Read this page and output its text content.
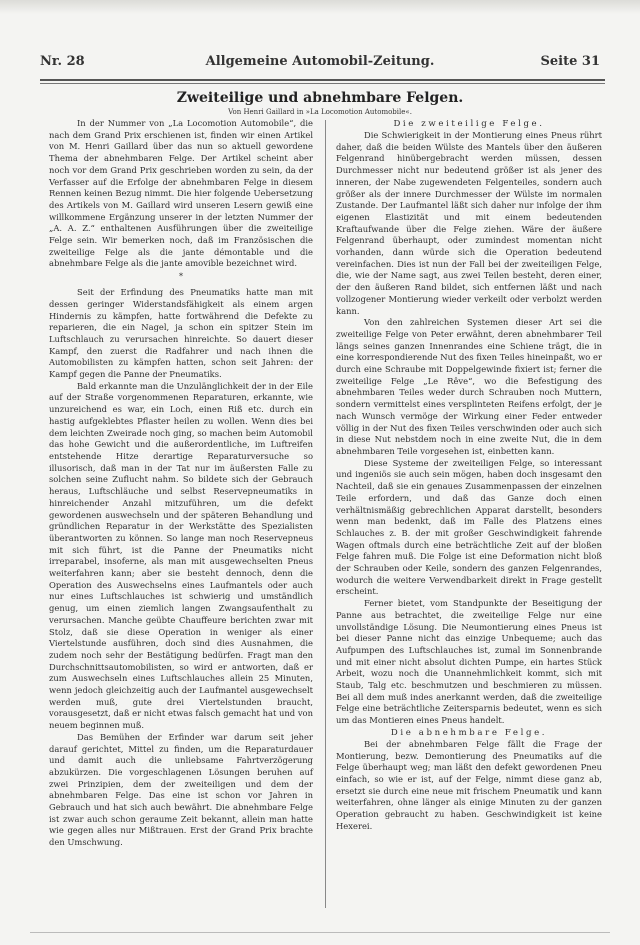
Nr. 28	Allgemeine Automobil-Zeitung.	Seite 31
Zweiteilige und abnehmbare Felgen.
Von Henri Gaillard in »La Locomotion Automobile«.

In der Nummer von „La Locomotion Automobile“, die nach dem Grand Prix erschienen ist, finden wir einen Artikel von M. Henri Gaillard über das nun so aktuell gewordene Thema der abnehmbaren Felge. Der Artikel scheint aber noch vor dem Grand Prix geschrieben worden zu sein, da der Verfasser auf die Erfolge der abnehmbaren Felge in diesem Rennen keinen Bezug nimmt. Die hier folgende Uebersetzung des Artikels von M. Gaillard wird unseren Lesern gewiß eine willkommene Ergänzung unserer in der letzten Nummer der „A. A. Z.“ enthaltenen Ausführungen über die zweiteilige Felge sein. Wir bemerken noch, daß im Französischen die zweiteilige Felge als die jante démontable und die abnehmbare Felge als die jante amovible bezeichnet wird.

*

Seit der Erfindung des Pneumatiks hatte man mit dessen geringer Widerstandsfähigkeit als einem argen Hindernis zu kämpfen, hatte fortwährend die Defekte zu reparieren, die ein Nagel, ja schon ein spitzer Stein im Luftschlauch zu verursachen hinreichte. So dauert dieser Kampf, den zuerst die Radfahrer und nach ihnen die Automobilisten zu kämpfen hatten, schon seit Jahren: der Kampf gegen die Panne der Pneumatiks.

Bald erkannte man die Unzulänglichkeit der in der Eile auf der Straße vorgenommenen Reparaturen, erkannte, wie unzureichend es war, ein Loch, einen Riß etc. durch ein hastig aufgeklebtes Pflaster heilen zu wollen. Wenn dies bei dem leichten Zweirade noch ging, so machen beim Automobil das hohe Gewicht und die außerordentliche, im Luftreifen entstehende Hitze derartige Reparaturversuche so illusorisch, daß man in der Tat nur im äußersten Falle zu solchen seine Zuflucht nahm. So bildete sich der Gebrauch heraus, Luftschläuche und selbst Reservepneumatiks in hinreichender Anzahl mitzuführen, um die defekt gewordenen auswechseln und der späteren Behandlung und gründlichen Reparatur in der Werkstätte des Spezialisten überantworten zu können. So lange man noch Reservepneus mit sich führt, ist die Panne der Pneumatiks nicht irreparabel, insoferne, als man mit ausgewechselten Pneus weiterfahren kann; aber sie besteht dennoch, denn die Operation des Auswechselns eines Laufmantels oder auch nur eines Luftschlauches ist schwierig und umständlich genug, um einen ziemlich langen Zwangsaufenthalt zu verursachen. Manche geübte Chauffeure berichten zwar mit Stolz, daß sie diese Operation in weniger als einer Viertelstunde ausführen, doch sind dies Ausnahmen, die zudem noch sehr der Bestätigung bedürfen. Fragt man den Durchschnittsautomobilisten, so wird er antworten, daß er zum Auswechseln eines Luftschlauches allein 25 Minuten, wenn jedoch gleichzeitig auch der Laufmantel ausgewechselt werden muß, gute drei Viertelstunden braucht, vorausgesetzt, daß er nicht etwas falsch gemacht hat und von neuem beginnen muß.

Das Bemühen der Erfinder war darum seit jeher darauf gerichtet, Mittel zu finden, um die Reparaturdauer und damit auch die unliebsame Fahrtverzögerung abzukürzen. Die vorgeschlagenen Lösungen beruhen auf zwei Prinzipien, dem der zweiteiligen und dem der abnehmbaren Felge. Das eine ist schon vor Jahren in Gebrauch und hat sich auch bewährt. Die abnehmbare Felge ist zwar auch schon geraume Zeit bekannt, allein man hatte wie gegen alles nur Mißtrauen. Erst der Grand Prix brachte den Umschwung.

Die zweiteilige Felge.

Die Schwierigkeit in der Montierung eines Pneus rührt daher, daß die beiden Wülste des Mantels über den äußeren Felgenrand hinübergebracht werden müssen, dessen Durchmesser nicht nur bedeutend größer ist als jener des inneren, der Nabe zugewendeten Felgenteiles, sondern auch größer als der innere Durchmesser der Wülste im normalen Zustande. Der Laufmantel läßt sich daher nur infolge der ihm eigenen Elastizität und mit einem bedeutenden Kraftaufwande über die Felge ziehen. Wäre der äußere Felgenrand überhaupt, oder zumindest momentan nicht vorhanden, dann würde sich die Operation bedeutend vereinfachen. Dies ist nun der Fall bei der zweiteiligen Felge, die, wie der Name sagt, aus zwei Teilen besteht, deren einer, der den äußeren Rand bildet, sich entfernen läßt und nach vollzogener Montierung wieder verkeilt oder verbolzt werden kann.

Von den zahlreichen Systemen dieser Art sei die zweiteilige Felge von Peter erwähnt, deren abnehmbarer Teil längs seines ganzen Innenrandes eine Schiene trägt, die in eine korrespondierende Nut des fixen Teiles hineinpaßt, wo er durch eine Schraube mit Doppelgewinde fixiert ist; ferner die zweiteilige Felge „Le Rêve“, wo die Befestigung des abnehmbaren Teiles weder durch Schrauben noch Muttern, sondern vermittelst eines versplinteten Reifens erfolgt, der je nach Wunsch vermöge der Wirkung einer Feder entweder völlig in der Nut des fixen Teiles verschwinden oder auch sich in diese Nut nebstdem noch in eine zweite Nut, die in dem abnehmbaren Teile vorgesehen ist, einbetten kann.

Diese Systeme der zweiteiligen Felge, so interessant und ingeniös sie auch sein mögen, haben doch insgesamt den Nachteil, daß sie ein genaues Zusammenpassen der einzelnen Teile erfordern, und daß das Ganze doch einen verhältnismäßig gebrechlichen Apparat darstellt, besonders wenn man bedenkt, daß im Falle des Platzens eines Schlauches z. B. der mit großer Geschwindigkeit fahrende Wagen oftmals durch eine beträchtliche Zeit auf der bloßen Felge fahren muß. Die Folge ist eine Deformation nicht bloß der Schrauben oder Keile, sondern des ganzen Felgenrandes, wodurch die weitere Verwendbarkeit direkt in Frage gestellt erscheint.

Ferner bietet, vom Standpunkte der Beseitigung der Panne aus betrachtet, die zweiteilige Felge nur eine unvollständige Lösung. Die Neumontierung eines Pneus ist bei dieser Panne nicht das einzige Unbequeme; auch das Aufpumpen des Luftschlauches ist, zumal im Sonnenbrande und mit einer nicht absolut dichten Pumpe, ein hartes Stück Arbeit, wozu noch die Unannehmlichkeit kommt, sich mit Staub, Talg etc. beschmutzen und beschmieren zu müssen. Bei all dem muß indes anerkannt werden, daß die zweiteilige Felge eine beträchtliche Zeitersparnis bedeutet, wenn es sich um das Montieren eines Pneus handelt.

Die abnehmbare Felge.

Bei der abnehmbaren Felge fällt die Frage der Montierung, bezw. Demontierung des Pneumatiks auf die Felge überhaupt weg; man läßt den defekt gewordenen Pneu einfach, so wie er ist, auf der Felge, nimmt diese ganz ab, ersetzt sie durch eine neue mit frischem Pneumatik und kann weiterfahren, ohne länger als einige Minuten zu der ganzen Operation gebraucht zu haben. Geschwindigkeit ist keine Hexerei.
